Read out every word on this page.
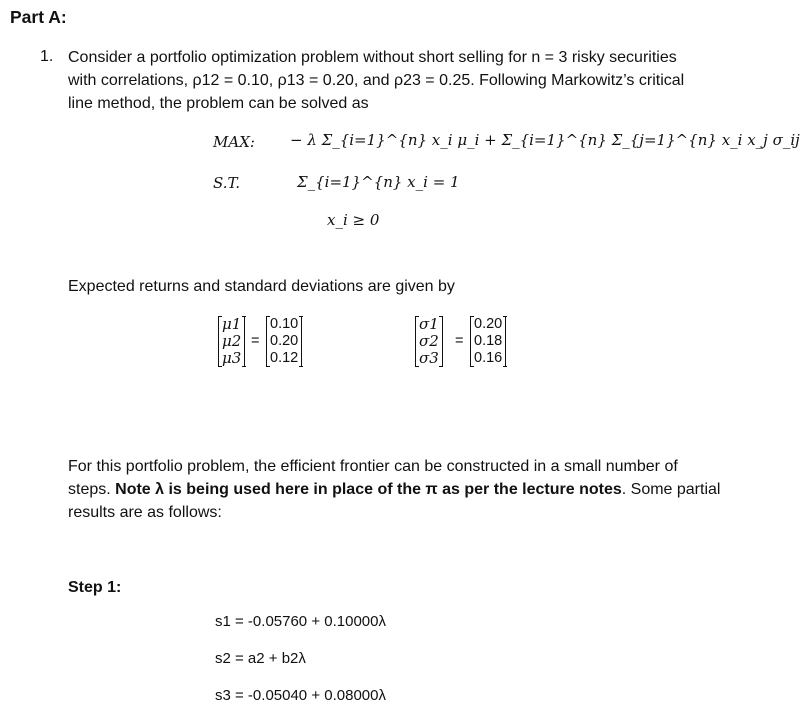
Part A:
1. Consider a portfolio optimization problem without short selling for n = 3 risky securities
with correlations, ρ12 = 0.10, ρ13 = 0.20, and ρ23 = 0.25. Following Markowitz’s critical
line method, the problem can be solved as
MAX: − λ Σ_{i=1}^{n} x_i μ_i + Σ_{i=1}^{n} Σ_{j=1}^{n} x_i x_j σ_ij
S.T.	Σ_{i=1}^{n} x_i = 1
x_i ≥ 0
Expected returns and standard deviations are given by
μ1
μ2
μ3
=
0.10
0.20
0.12
σ1
σ2
σ3
=
0.20
0.18
0.16
For this portfolio problem, the efficient frontier can be constructed in a small number of
steps. Note λ is being used here in place of the π as per the lecture notes. Some partial
results are as follows:
Step 1:
s1 = -0.05760 + 0.10000λ
s2 = a2 + b2λ
s3 = -0.05040 + 0.08000λ
